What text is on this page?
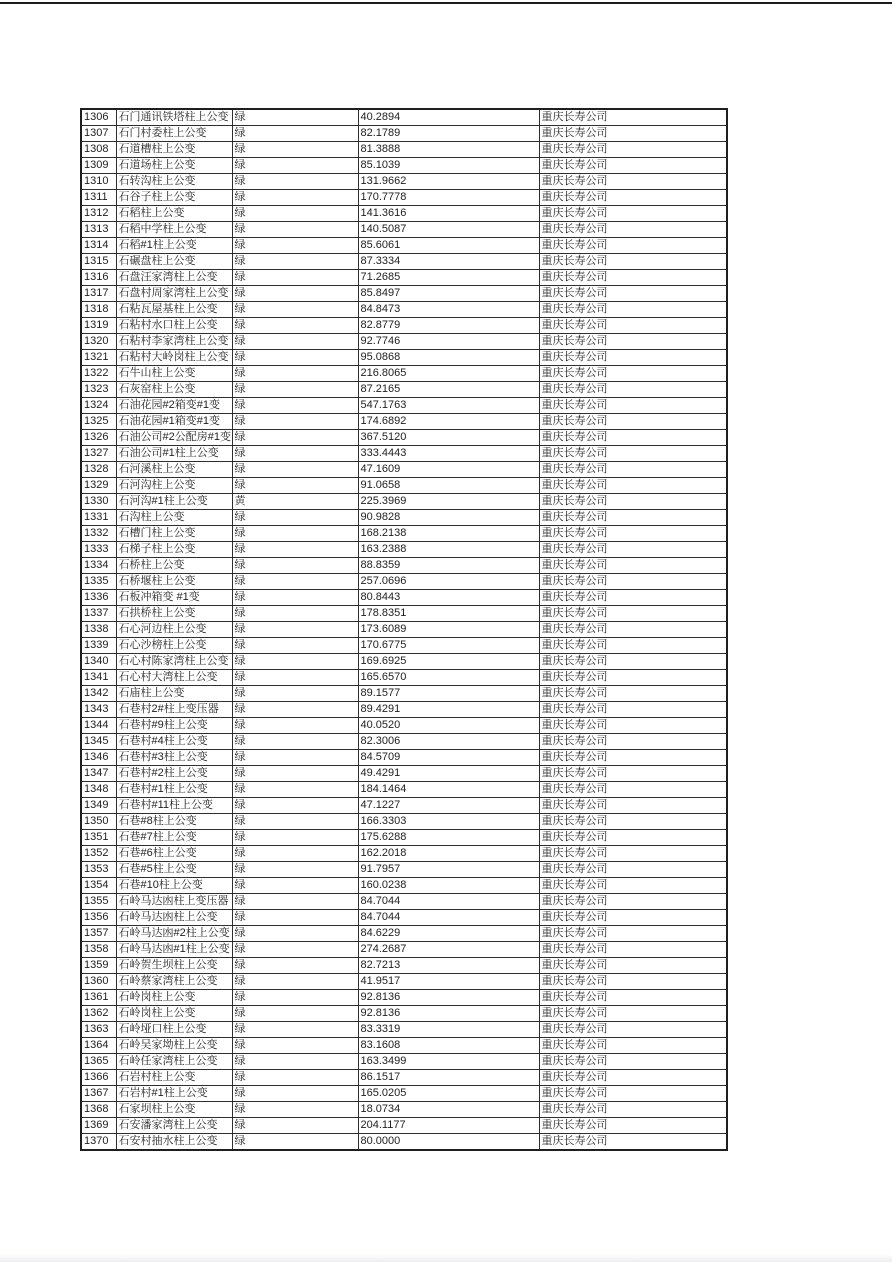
1306	石门通讯铁塔柱上公变	绿	40.2894	重庆长寿公司
1307	石门村委柱上公变	绿	82.1789	重庆长寿公司
1308	石道槽柱上公变	绿	81.3888	重庆长寿公司
1309	石道场柱上公变	绿	85.1039	重庆长寿公司
1310	石转沟柱上公变	绿	131.9662	重庆长寿公司
1311	石谷子柱上公变	绿	170.7778	重庆长寿公司
1312	石稻柱上公变	绿	141.3616	重庆长寿公司
1313	石稻中学柱上公变	绿	140.5087	重庆长寿公司
1314	石稻#1柱上公变	绿	85.6061	重庆长寿公司
1315	石碾盘柱上公变	绿	87.3334	重庆长寿公司
1316	石盘汪家湾柱上公变	绿	71.2685	重庆长寿公司
1317	石盘村周家湾柱上公变	绿	85.8497	重庆长寿公司
1318	石粘瓦屋基柱上公变	绿	84.8473	重庆长寿公司
1319	石粘村水口柱上公变	绿	82.8779	重庆长寿公司
1320	石粘村李家湾柱上公变	绿	92.7746	重庆长寿公司
1321	石粘村大岭岗柱上公变	绿	95.0868	重庆长寿公司
1322	石牛山柱上公变	绿	216.8065	重庆长寿公司
1323	石灰窑柱上公变	绿	87.2165	重庆长寿公司
1324	石油花园#2箱变#1变	绿	547.1763	重庆长寿公司
1325	石油花园#1箱变#1变	绿	174.6892	重庆长寿公司
1326	石油公司#2公配房#1变	绿	367.5120	重庆长寿公司
1327	石油公司#1柱上公变	绿	333.4443	重庆长寿公司
1328	石河溪柱上公变	绿	47.1609	重庆长寿公司
1329	石河沟柱上公变	绿	91.0658	重庆长寿公司
1330	石河沟#1柱上公变	黄	225.3969	重庆长寿公司
1331	石沟柱上公变	绿	90.9828	重庆长寿公司
1332	石槽门柱上公变	绿	168.2138	重庆长寿公司
1333	石梯子柱上公变	绿	163.2388	重庆长寿公司
1334	石桥柱上公变	绿	88.8359	重庆长寿公司
1335	石桥堰柱上公变	绿	257.0696	重庆长寿公司
1336	石板冲箱变 #1变	绿	80.8443	重庆长寿公司
1337	石拱桥柱上公变	绿	178.8351	重庆长寿公司
1338	石心河边柱上公变	绿	173.6089	重庆长寿公司
1339	石心沙榜柱上公变	绿	170.6775	重庆长寿公司
1340	石心村陈家湾柱上公变	绿	169.6925	重庆长寿公司
1341	石心村大湾柱上公变	绿	165.6570	重庆长寿公司
1342	石庙柱上公变	绿	89.1577	重庆长寿公司
1343	石巷村2#柱上变压器	绿	89.4291	重庆长寿公司
1344	石巷村#9柱上公变	绿	40.0520	重庆长寿公司
1345	石巷村#4柱上公变	绿	82.3006	重庆长寿公司
1346	石巷村#3柱上公变	绿	84.5709	重庆长寿公司
1347	石巷村#2柱上公变	绿	49.4291	重庆长寿公司
1348	石巷村#1柱上公变	绿	184.1464	重庆长寿公司
1349	石巷村#11柱上公变	绿	47.1227	重庆长寿公司
1350	石巷#8柱上公变	绿	166.3303	重庆长寿公司
1351	石巷#7柱上公变	绿	175.6288	重庆长寿公司
1352	石巷#6柱上公变	绿	162.2018	重庆长寿公司
1353	石巷#5柱上公变	绿	91.7957	重庆长寿公司
1354	石巷#10柱上公变	绿	160.0238	重庆长寿公司
1355	石岭马达凼柱上变压器	绿	84.7044	重庆长寿公司
1356	石岭马达凼柱上公变	绿	84.7044	重庆长寿公司
1357	石岭马达凼#2柱上公变	绿	84.6229	重庆长寿公司
1358	石岭马达凼#1柱上公变	绿	274.2687	重庆长寿公司
1359	石岭贺生坝柱上公变	绿	82.7213	重庆长寿公司
1360	石岭蔡家湾柱上公变	绿	41.9517	重庆长寿公司
1361	石岭岗柱上公变	绿	92.8136	重庆长寿公司
1362	石岭岗柱上公变	绿	92.8136	重庆长寿公司
1363	石岭垭口柱上公变	绿	83.3319	重庆长寿公司
1364	石岭吴家坳柱上公变	绿	83.1608	重庆长寿公司
1365	石岭任家湾柱上公变	绿	163.3499	重庆长寿公司
1366	石岩村柱上公变	绿	86.1517	重庆长寿公司
1367	石岩村#1柱上公变	绿	165.0205	重庆长寿公司
1368	石家坝柱上公变	绿	18.0734	重庆长寿公司
1369	石安潘家湾柱上公变	绿	204.1177	重庆长寿公司
1370	石安村抽水柱上公变	绿	80.0000	重庆长寿公司
